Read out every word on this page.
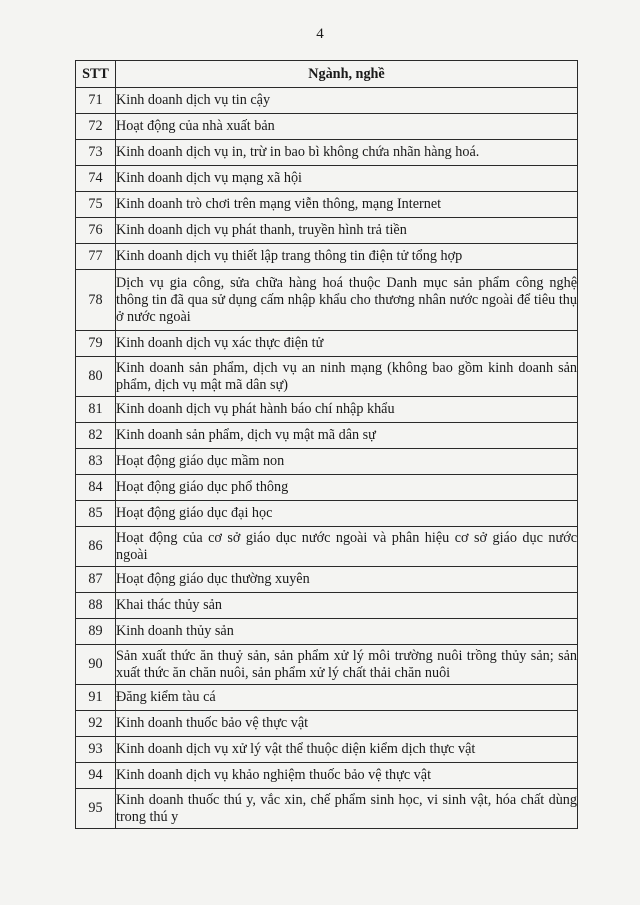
4
STT	Ngành, nghề
71	Kinh doanh dịch vụ tin cậy
72	Hoạt động của nhà xuất bản
73	Kinh doanh dịch vụ in, trừ in bao bì không chứa nhãn hàng hoá.
74	Kinh doanh dịch vụ mạng xã hội
75	Kinh doanh trò chơi trên mạng viễn thông, mạng Internet
76	Kinh doanh dịch vụ phát thanh, truyền hình trả tiền
77	Kinh doanh dịch vụ thiết lập trang thông tin điện tử tổng hợp
78	Dịch vụ gia công, sửa chữa hàng hoá thuộc Danh mục sản phẩm công nghệ thông tin đã qua sử dụng cấm nhập khẩu cho thương nhân nước ngoài để tiêu thụ ở nước ngoài
79	Kinh doanh dịch vụ xác thực điện tử
80	Kinh doanh sản phẩm, dịch vụ an ninh mạng (không bao gồm kinh doanh sản phẩm, dịch vụ mật mã dân sự)
81	Kinh doanh dịch vụ phát hành báo chí nhập khẩu
82	Kinh doanh sản phẩm, dịch vụ mật mã dân sự
83	Hoạt động giáo dục mầm non
84	Hoạt động giáo dục phổ thông
85	Hoạt động giáo dục đại học
86	Hoạt động của cơ sở giáo dục nước ngoài và phân hiệu cơ sở giáo dục nước ngoài
87	Hoạt động giáo dục thường xuyên
88	Khai thác thủy sản
89	Kinh doanh thủy sản
90	Sản xuất thức ăn thuỷ sản, sản phẩm xử lý môi trường nuôi trồng thủy sản; sản xuất thức ăn chăn nuôi, sản phẩm xử lý chất thải chăn nuôi
91	Đăng kiểm tàu cá
92	Kinh doanh thuốc bảo vệ thực vật
93	Kinh doanh dịch vụ xử lý vật thể thuộc diện kiểm dịch thực vật
94	Kinh doanh dịch vụ khảo nghiệm thuốc bảo vệ thực vật
95	Kinh doanh thuốc thú y, vắc xin, chế phẩm sinh học, vi sinh vật, hóa chất dùng trong thú y
